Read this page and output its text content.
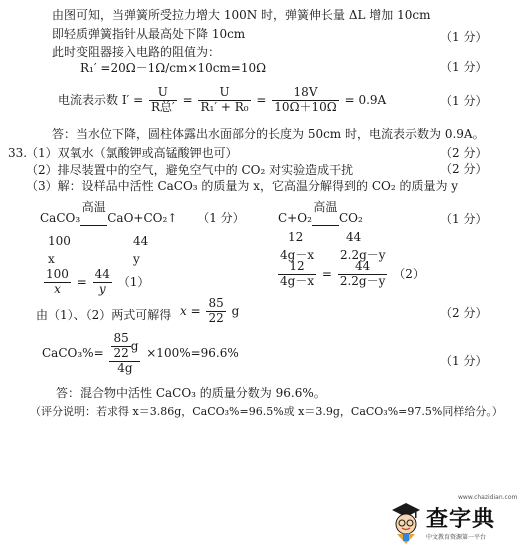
由图可知，当弹簧所受拉力增大 100N 时，弹簧伸长量 ΔL 增加 10cm
即轻质弹簧指针从最高处下降 10cm	（1 分）
此时变阻器接入电路的阻值为：
R₁′ =20Ω－1Ω/cm×10cm=10Ω	（1 分）
电流表示数 $I' = \frac{U}{\text{R总′}} = \frac{U}{\text{R₁′ + R₀}} = \frac{18V}{10\Omega+10\Omega} = 0.9A$	（1 分）
答：当水位下降，圆柱体露出水面部分的长度为 50cm 时，电流表示数为 0.9A。
33.
（1）双氧水（氯酸钾或高锰酸钾也可）	（2 分）
（2）排尽装置中的空气，避免空气中的 CO₂ 对实验造成干扰	（2 分）
（3）解：设样品中活性 CaCO₃ 的质量为 x，它高温分解得到的 CO₂ 的质量为 y
CaCO₃
高温
CaO+CO₂↑ （1 分）
100	44
x	y
$\frac{100}{x} = \frac{44}{y} (1)$
C+O₂
高温
CO₂	（1 分）
12	44
4g－x 2.2g－y
$\frac{12}{4g-x} = \frac{44}{2.2g-y} (2)$
由（1）、（2）两式可解得 $x = \frac{85}{22}$ g	（2 分）
CaCO₃%= $\frac{\frac{85}{22} g}{4g} \times 100\%=96.6\%$
（1 分）
答：混合物中活性 CaCO₃ 的质量分数为 96.6%。
（评分说明：若求得 x＝3.86g，CaCO₃%=96.5%或 x＝3.9g，CaCO₃%=97.5%同样给分。）
查字典
www.chazidian.com
中文教育资源第一平台
